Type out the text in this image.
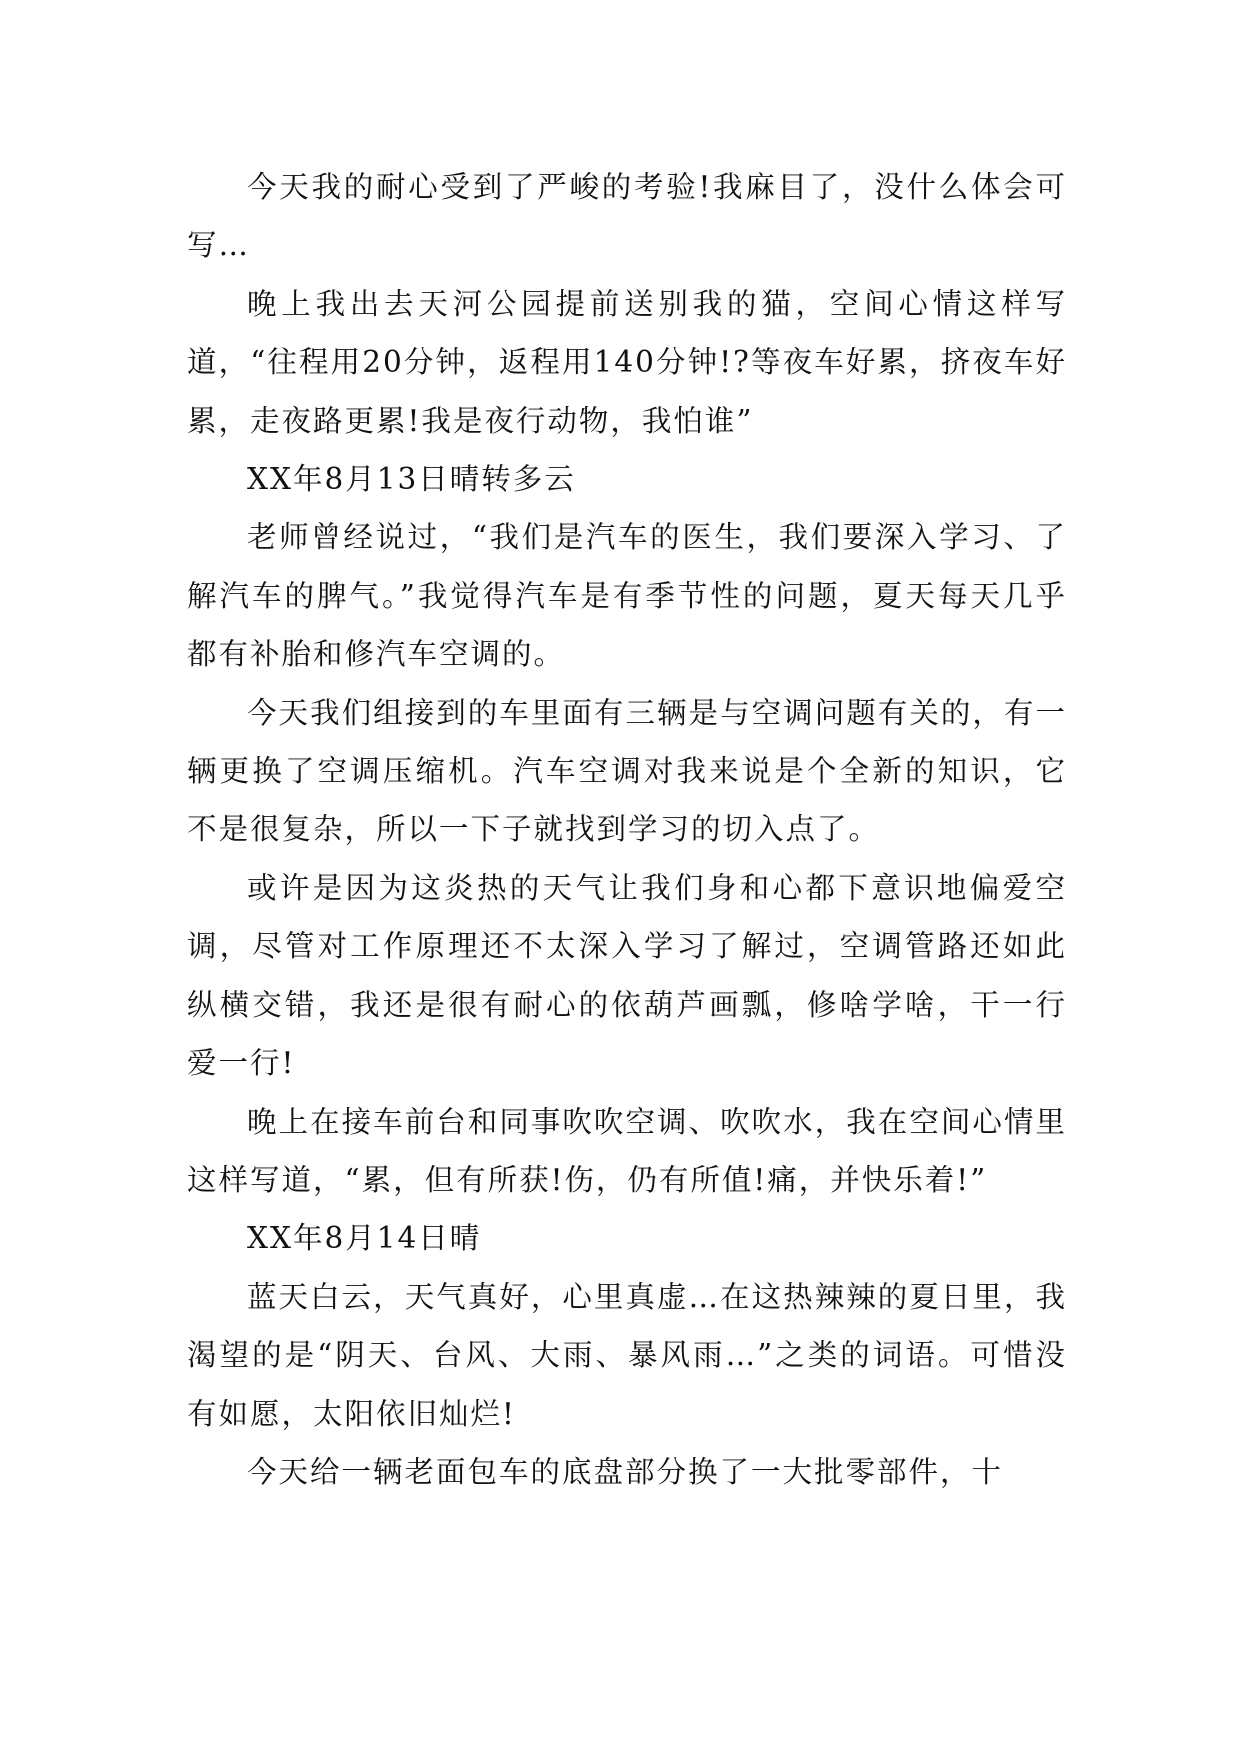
今天我的耐心受到了严峻的考验!我麻目了，没什么体会可写…

晚上我出去天河公园提前送别我的猫，空间心情这样写道，“往程用20分钟，返程用140分钟!?等夜车好累，挤夜车好累，走夜路更累!我是夜行动物，我怕谁”

XX年8月13日晴转多云

老师曾经说过，“我们是汽车的医生，我们要深入学习、了解汽车的脾气。”我觉得汽车是有季节性的问题，夏天每天几乎都有补胎和修汽车空调的。

今天我们组接到的车里面有三辆是与空调问题有关的，有一辆更换了空调压缩机。汽车空调对我来说是个全新的知识，它不是很复杂，所以一下子就找到学习的切入点了。

或许是因为这炎热的天气让我们身和心都下意识地偏爱空调，尽管对工作原理还不太深入学习了解过，空调管路还如此纵横交错，我还是很有耐心的依葫芦画瓢，修啥学啥，干一行爱一行!

晚上在接车前台和同事吹吹空调、吹吹水，我在空间心情里这样写道，“累，但有所获!伤，仍有所值!痛，并快乐着!”

XX年8月14日晴

蓝天白云，天气真好，心里真虚…在这热辣辣的夏日里，我渴望的是“阴天、台风、大雨、暴风雨…”之类的词语。可惜没有如愿，太阳依旧灿烂!

今天给一辆老面包车的底盘部分换了一大批零部件，十
